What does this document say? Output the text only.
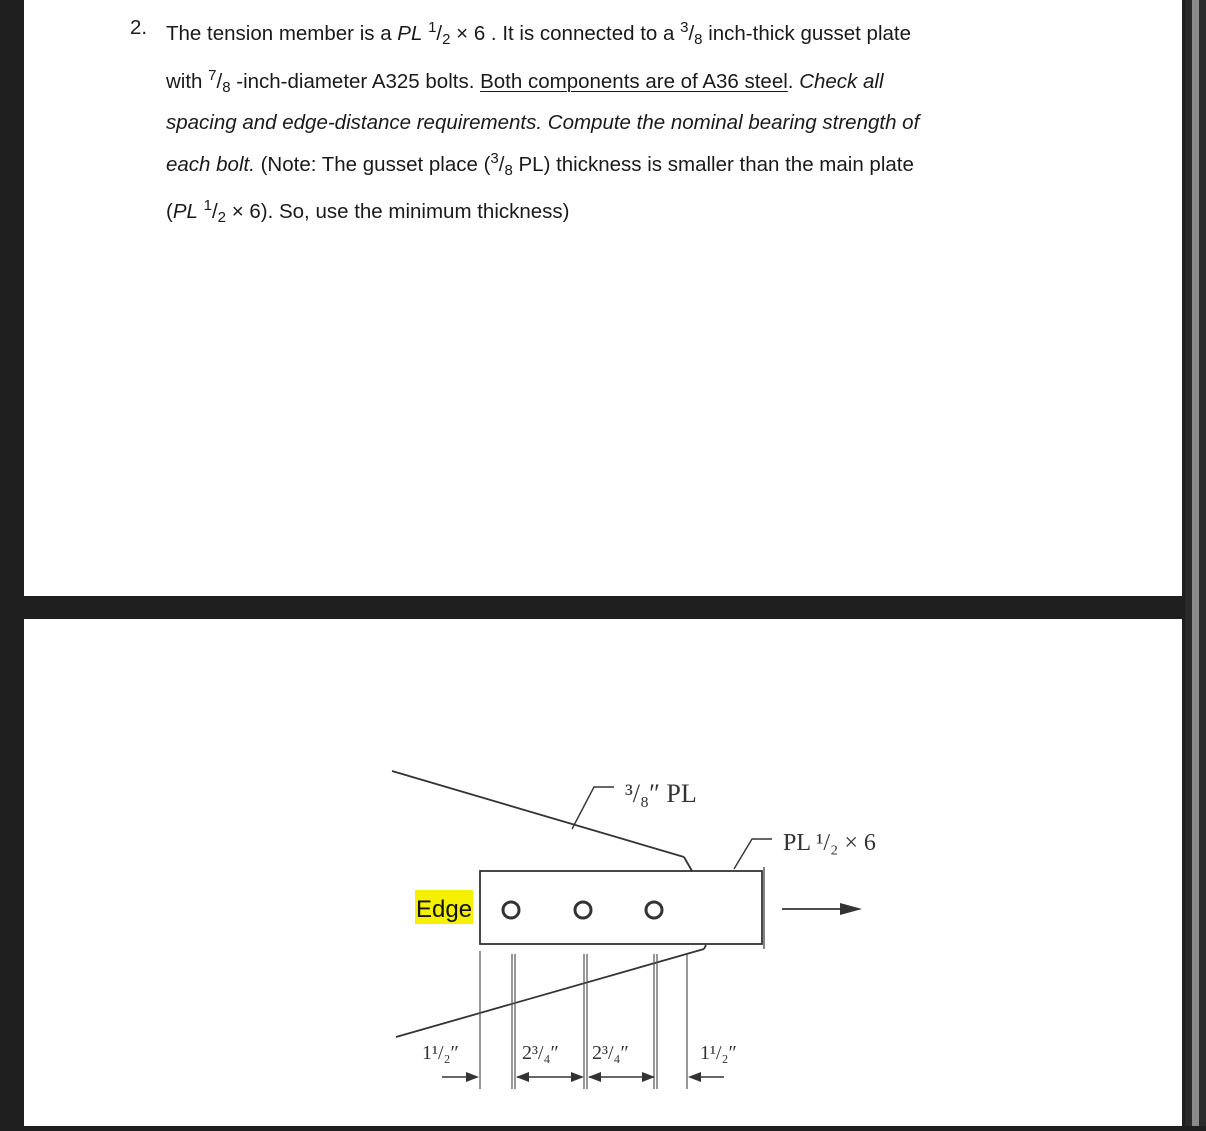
2. The tension member is a PL $^1/_2 \times 6$ . It is connected to a $^3/_8$ inch-thick gusset plate

with $^7/_8$ -inch-diameter A325 bolts. Both components are of A36 steel. Check all

spacing and edge-distance requirements. Compute the nominal bearing strength of

each bolt. (Note: The gusset place ($^3/_8$ PL) thickness is smaller than the main plate

(PL $^1/_2 \times 6$). So, use the minimum thickness)

³/₈″ PL
PL ¹/₂ × 6
Edge
1¹/₂″	2³/₄″ 2³/₄″	1¹/₂″
